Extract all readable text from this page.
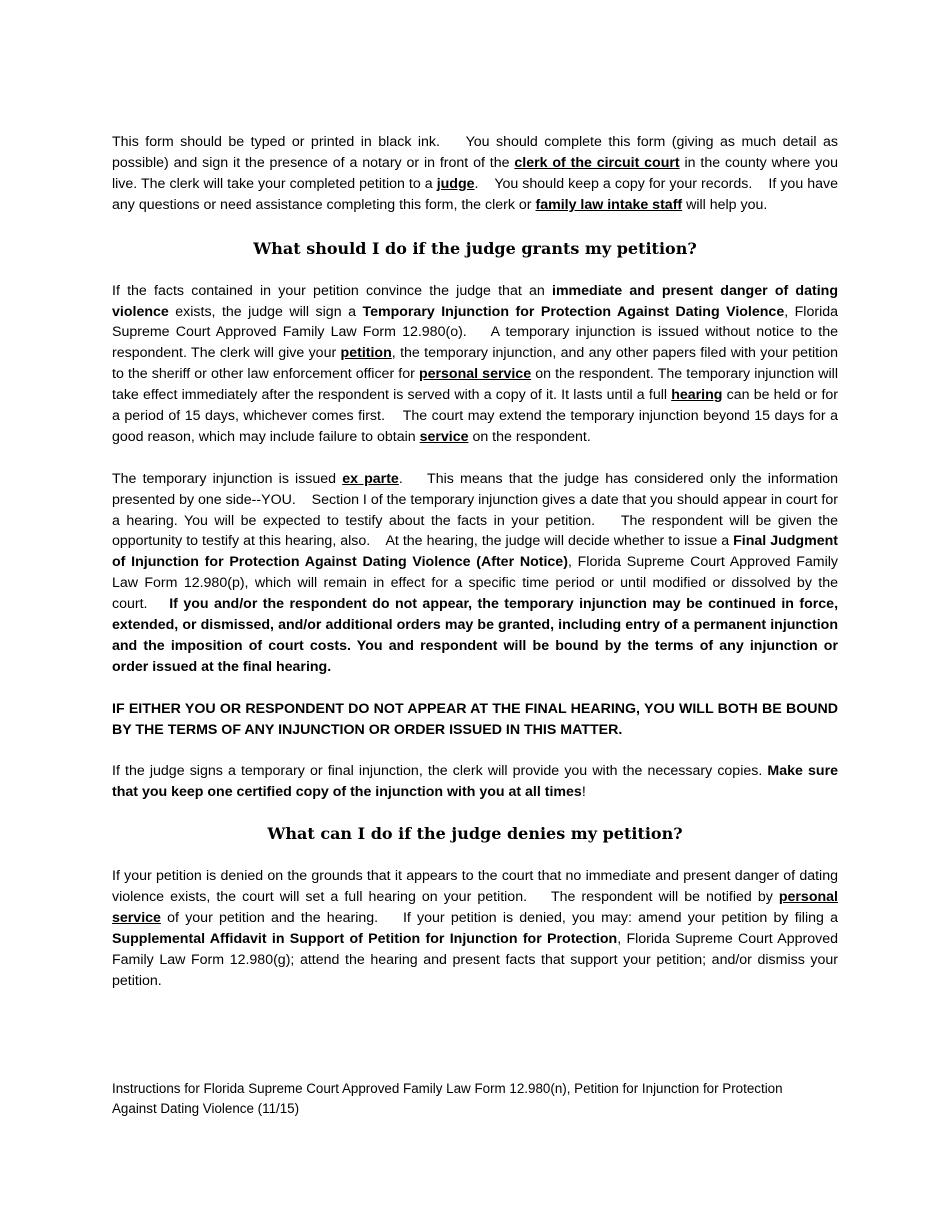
This form should be typed or printed in black ink.    You should complete this form (giving as much detail as possible) and sign it the presence of a notary or in front of the clerk of the circuit court in the county where you live. The clerk will take your completed petition to a judge.    You should keep a copy for your records.    If you have any questions or need assistance completing this form, the clerk or family law intake staff will help you.

What should I do if the judge grants my petition?

If the facts contained in your petition convince the judge that an immediate and present danger of dating violence exists, the judge will sign a Temporary Injunction for Protection Against Dating Violence, Florida Supreme Court Approved Family Law Form 12.980(o).    A temporary injunction is issued without notice to the respondent. The clerk will give your petition, the temporary injunction, and any other papers filed with your petition to the sheriff or other law enforcement officer for personal service on the respondent. The temporary injunction will take effect immediately after the respondent is served with a copy of it. It lasts until a full hearing can be held or for a period of 15 days, whichever comes first.    The court may extend the temporary injunction beyond 15 days for a good reason, which may include failure to obtain service on the respondent.

The temporary injunction is issued ex parte.    This means that the judge has considered only the information presented by one side--YOU.    Section I of the temporary injunction gives a date that you should appear in court for a hearing. You will be expected to testify about the facts in your petition.    The respondent will be given the opportunity to testify at this hearing, also.    At the hearing, the judge will decide whether to issue a Final Judgment of Injunction for Protection Against Dating Violence (After Notice), Florida Supreme Court Approved Family Law Form 12.980(p), which will remain in effect for a specific time period or until modified or dissolved by the court.    If you and/or the respondent do not appear, the temporary injunction may be continued in force, extended, or dismissed, and/or additional orders may be granted, including entry of a permanent injunction and the imposition of court costs. You and respondent will be bound by the terms of any injunction or order issued at the final hearing.

IF EITHER YOU OR RESPONDENT DO NOT APPEAR AT THE FINAL HEARING, YOU WILL BOTH BE BOUND BY THE TERMS OF ANY INJUNCTION OR ORDER ISSUED IN THIS MATTER.

If the judge signs a temporary or final injunction, the clerk will provide you with the necessary copies. Make sure that you keep one certified copy of the injunction with you at all times!

What can I do if the judge denies my petition?

If your petition is denied on the grounds that it appears to the court that no immediate and present danger of dating violence exists, the court will set a full hearing on your petition.    The respondent will be notified by personal service of your petition and the hearing.    If your petition is denied, you may: amend your petition by filing a Supplemental Affidavit in Support of Petition for Injunction for Protection, Florida Supreme Court Approved Family Law Form 12.980(g); attend the hearing and present facts that support your petition; and/or dismiss your petition.

Instructions for Florida Supreme Court Approved Family Law Form 12.980(n), Petition for Injunction for Protection
Against Dating Violence (11/15)
